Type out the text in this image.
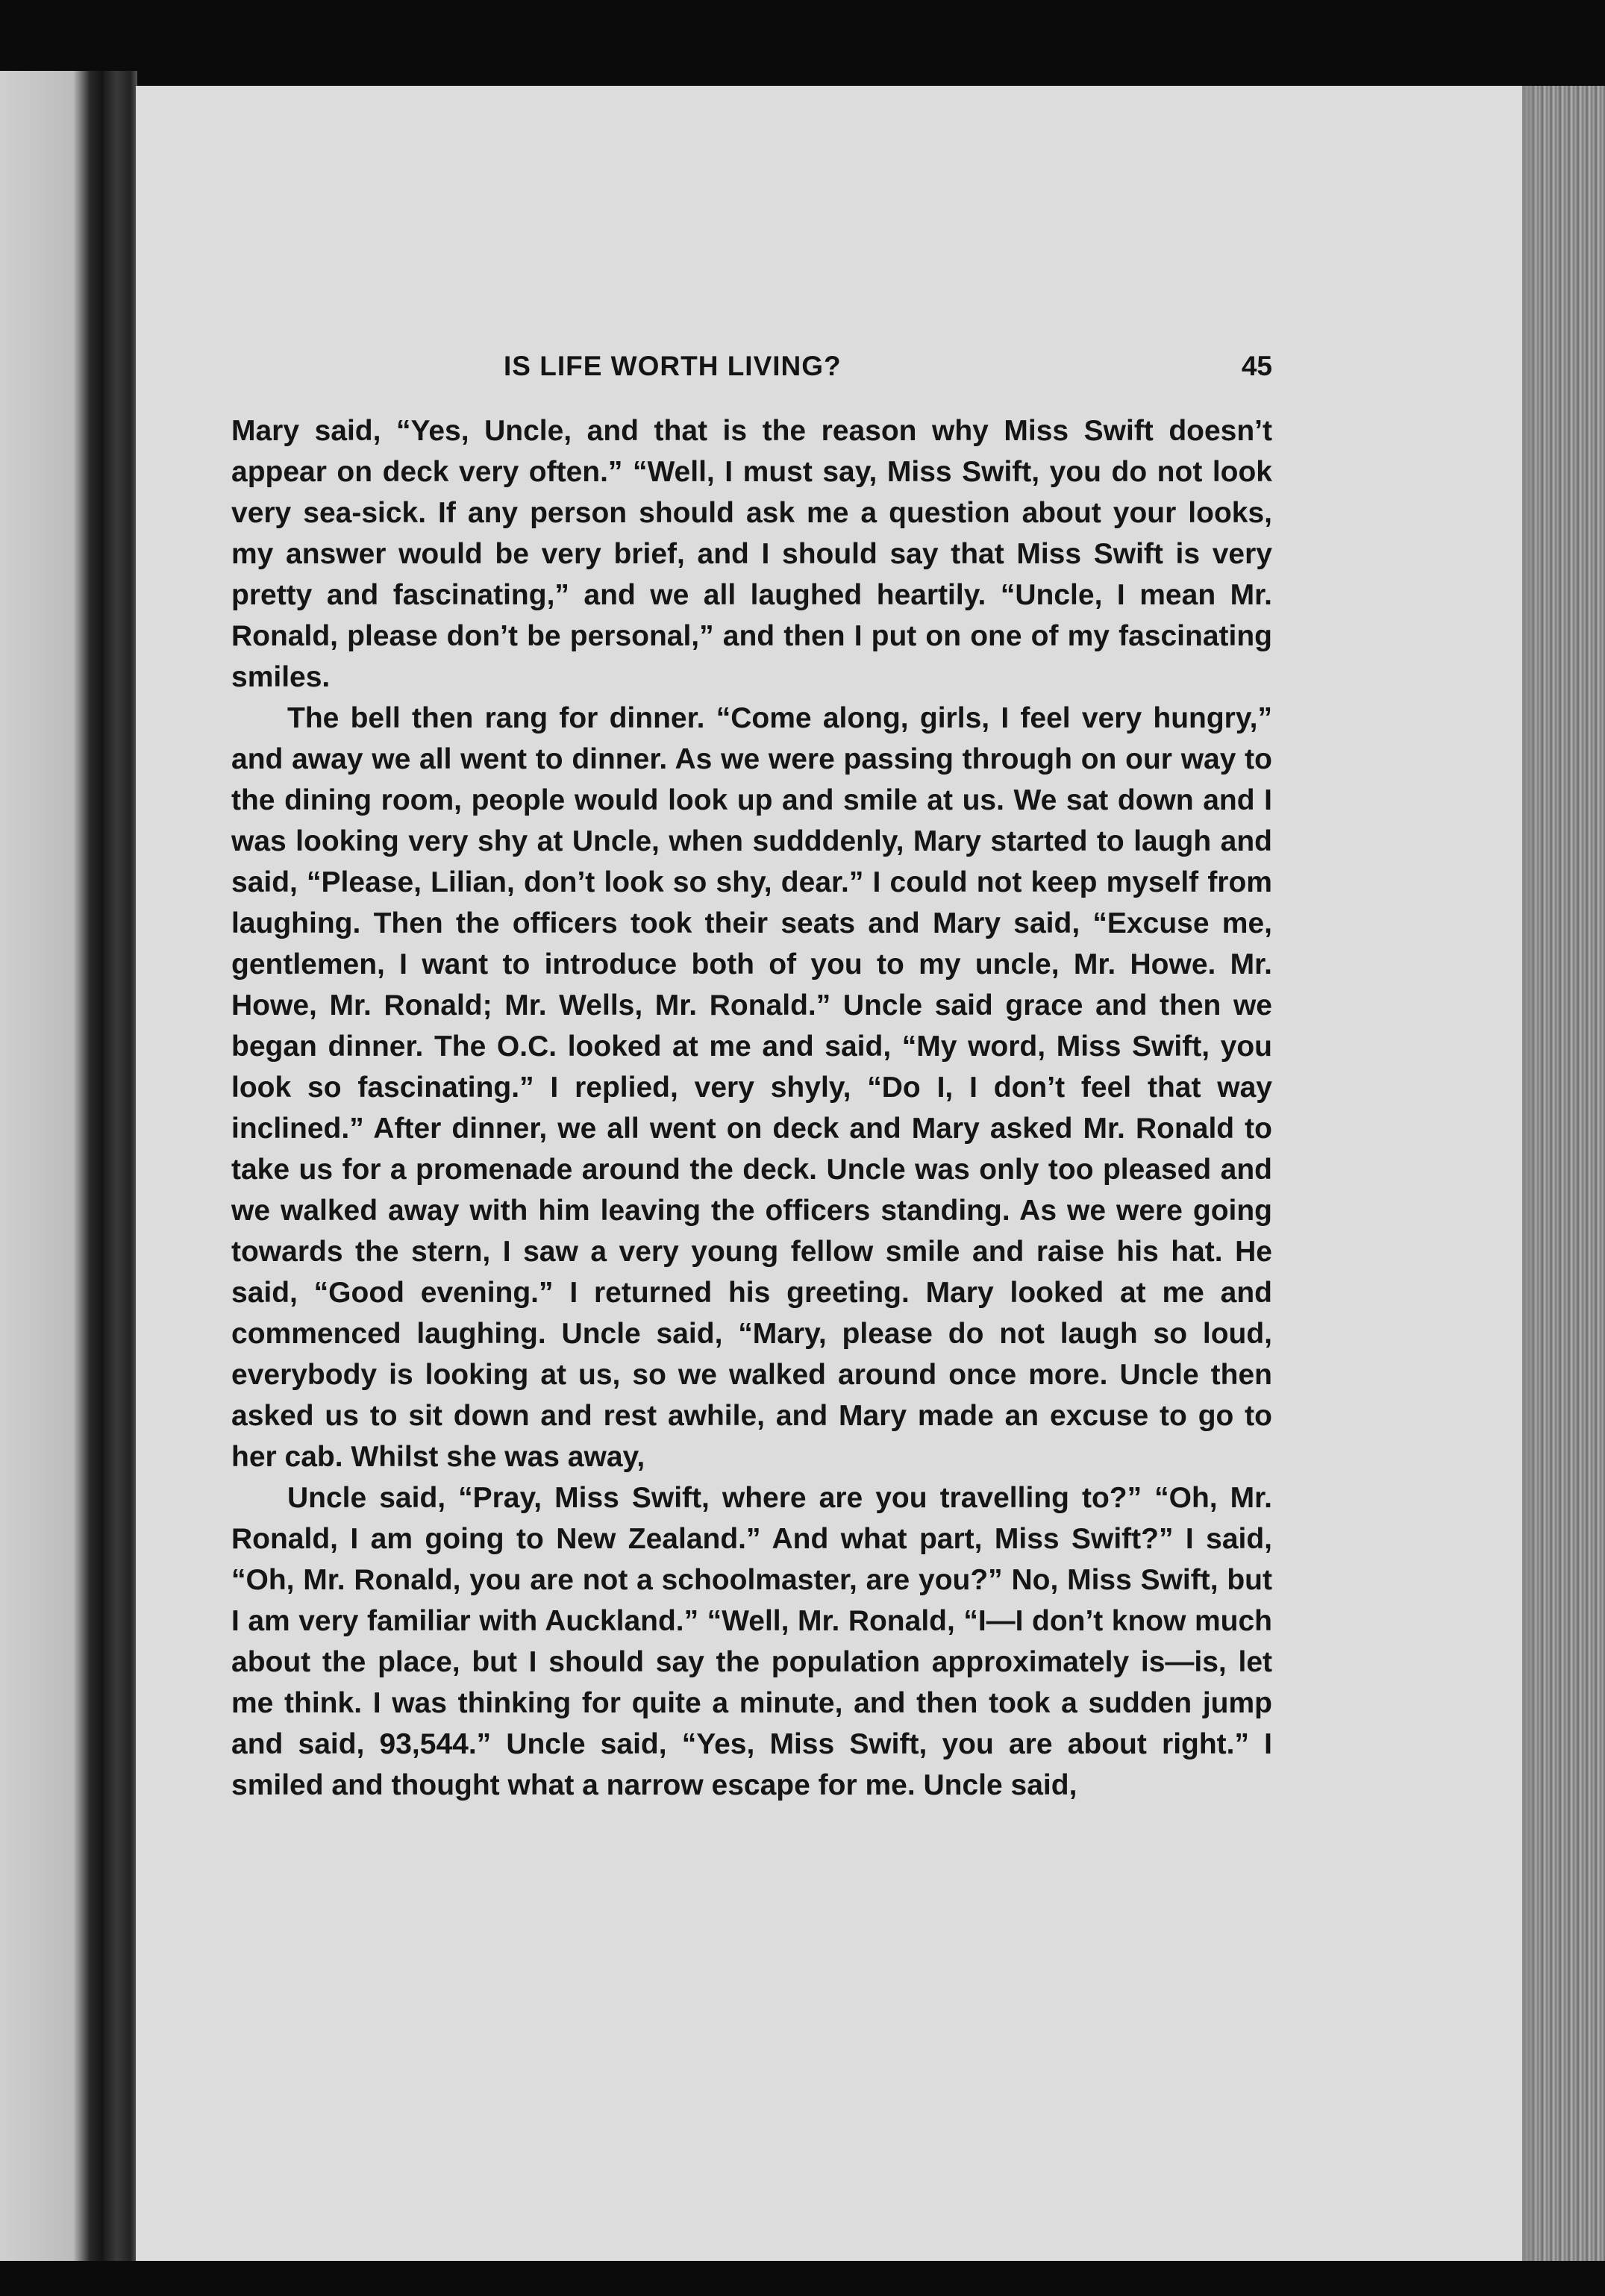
IS LIFE WORTH LIVING?	45

Mary said, “Yes, Uncle, and that is the reason why Miss Swift doesn’t appear on deck very often.” “Well, I must say, Miss Swift, you do not look very sea-sick. If any person should ask me a question about your looks, my answer would be very brief, and I should say that Miss Swift is very pretty and fascinating,” and we all laughed heartily. “Uncle, I mean Mr. Ronald, please don’t be personal,” and then I put on one of my fascinating smiles.

The bell then rang for dinner. “Come along, girls, I feel very hungry,” and away we all went to dinner. As we were passing through on our way to the dining room, people would look up and smile at us. We sat down and I was looking very shy at Uncle, when sudddenly, Mary started to laugh and said, “Please, Lilian, don’t look so shy, dear.” I could not keep myself from laughing. Then the officers took their seats and Mary said, “Excuse me, gentlemen, I want to introduce both of you to my uncle, Mr. Howe. Mr. Howe, Mr. Ronald; Mr. Wells, Mr. Ronald.” Uncle said grace and then we began dinner. The O.C. looked at me and said, “My word, Miss Swift, you look so fascinating.” I replied, very shyly, “Do I, I don’t feel that way inclined.” After dinner, we all went on deck and Mary asked Mr. Ronald to take us for a promenade around the deck. Uncle was only too pleased and we walked away with him leaving the officers standing. As we were going towards the stern, I saw a very young fellow smile and raise his hat. He said, “Good evening.” I returned his greeting. Mary looked at me and commenced laughing. Uncle said, “Mary, please do not laugh so loud, everybody is looking at us, so we walked around once more. Uncle then asked us to sit down and rest awhile, and Mary made an excuse to go to her cab. Whilst she was away,

Uncle said, “Pray, Miss Swift, where are you travelling to?” “Oh, Mr. Ronald, I am going to New Zealand.” And what part, Miss Swift?” I said, “Oh, Mr. Ronald, you are not a schoolmaster, are you?” No, Miss Swift, but I am very familiar with Auckland.” “Well, Mr. Ronald, “I—I don’t know much about the place, but I should say the population approximately is—is, let me think. I was thinking for quite a minute, and then took a sudden jump and said, 93,544.” Uncle said, “Yes, Miss Swift, you are about right.” I smiled and thought what a narrow escape for me. Uncle said,
